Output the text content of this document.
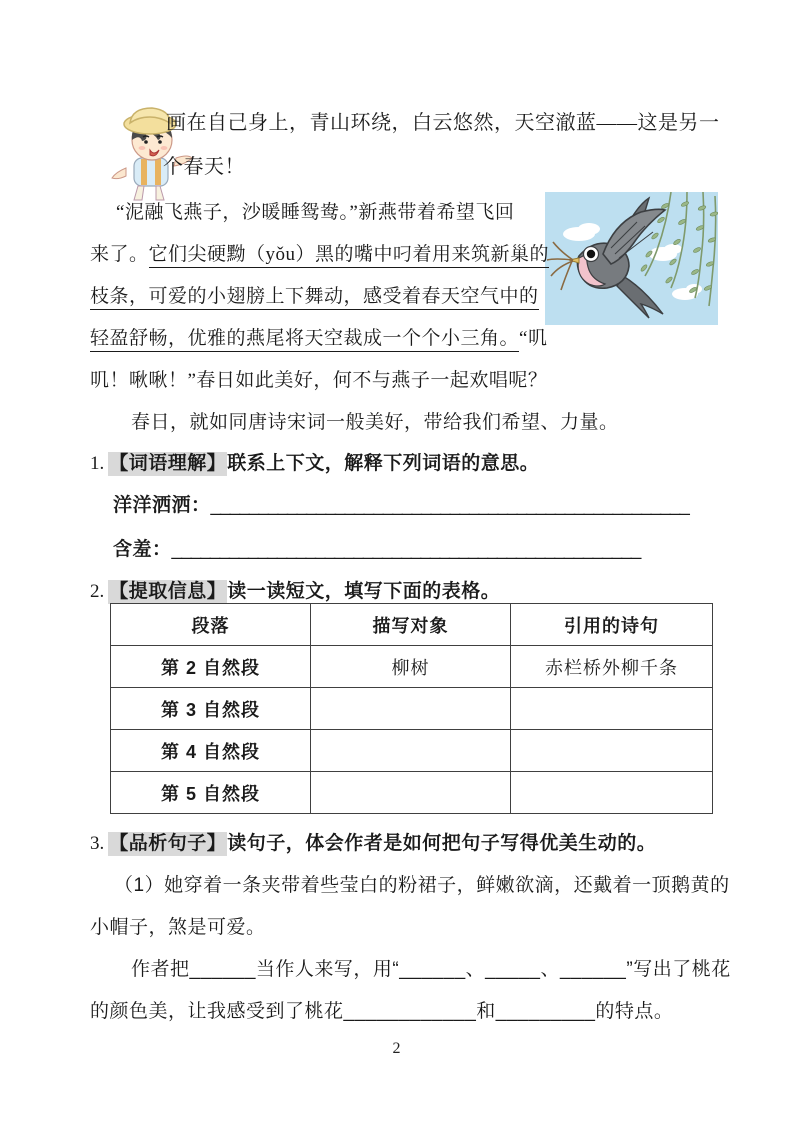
画在自己身上，青山环绕，白云悠然，天空澈蓝——这是另一
个春天！
“泥融飞燕子，沙暖睡鸳鸯。”新燕带着希望飞回
来了。它们尖硬黝（yǒu）黑的嘴中叼着用来筑新巢的
枝条，可爱的小翅膀上下舞动，感受着春天空气中的
轻盈舒畅，优雅的燕尾将天空裁成一个个小三角。“叽
叽！啾啾！”春日如此美好，何不与燕子一起欢唱呢？
春日，就如同唐诗宋词一般美好，带给我们希望、力量。
1. 【词语理解】联系上下文，解释下列词语的意思。
洋洋洒洒：__________________________________________________
含羞：_________________________________________________
2. 【提取信息】读一读短文，填写下面的表格。
段落	描写对象	引用的诗句
第 2 自然段	柳树	赤栏桥外柳千条
第 3 自然段		
第 4 自然段		
第 5 自然段		
3. 【品析句子】读句子，体会作者是如何把句子写得优美生动的。
（1）她穿着一条夹带着些莹白的粉裙子，鲜嫩欲滴，还戴着一顶鹅黄的
小帽子，煞是可爱。
作者把______当作人来写，用“______、_____、______”写出了桃花
的颜色美，让我感受到了桃花____________和_________的特点。
2
